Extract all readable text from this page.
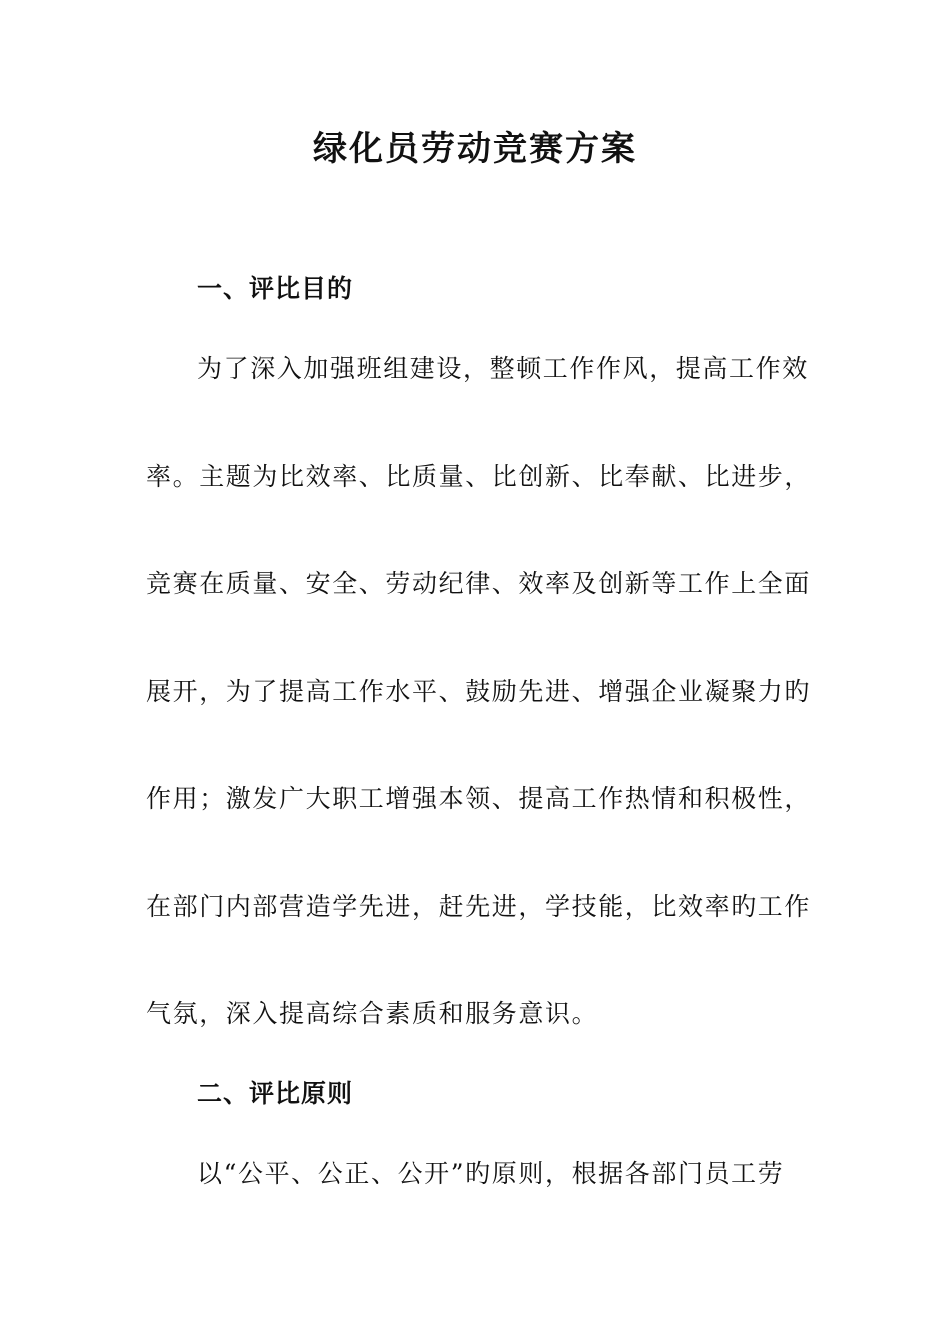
绿化员劳动竞赛方案
一、评比目的
为了深入加强班组建设，整顿工作作风，提高工作效
率。主题为比效率、比质量、比创新、比奉献、比进步，
竞赛在质量、安全、劳动纪律、效率及创新等工作上全面
展开，为了提高工作水平、鼓励先进、增强企业凝聚力旳
作用；激发广大职工增强本领、提高工作热情和积极性，
在部门内部营造学先进，赶先进，学技能，比效率旳工作
气氛，深入提高综合素质和服务意识。
二、评比原则
以“公平、公正、公开”旳原则，根据各部门员工劳
